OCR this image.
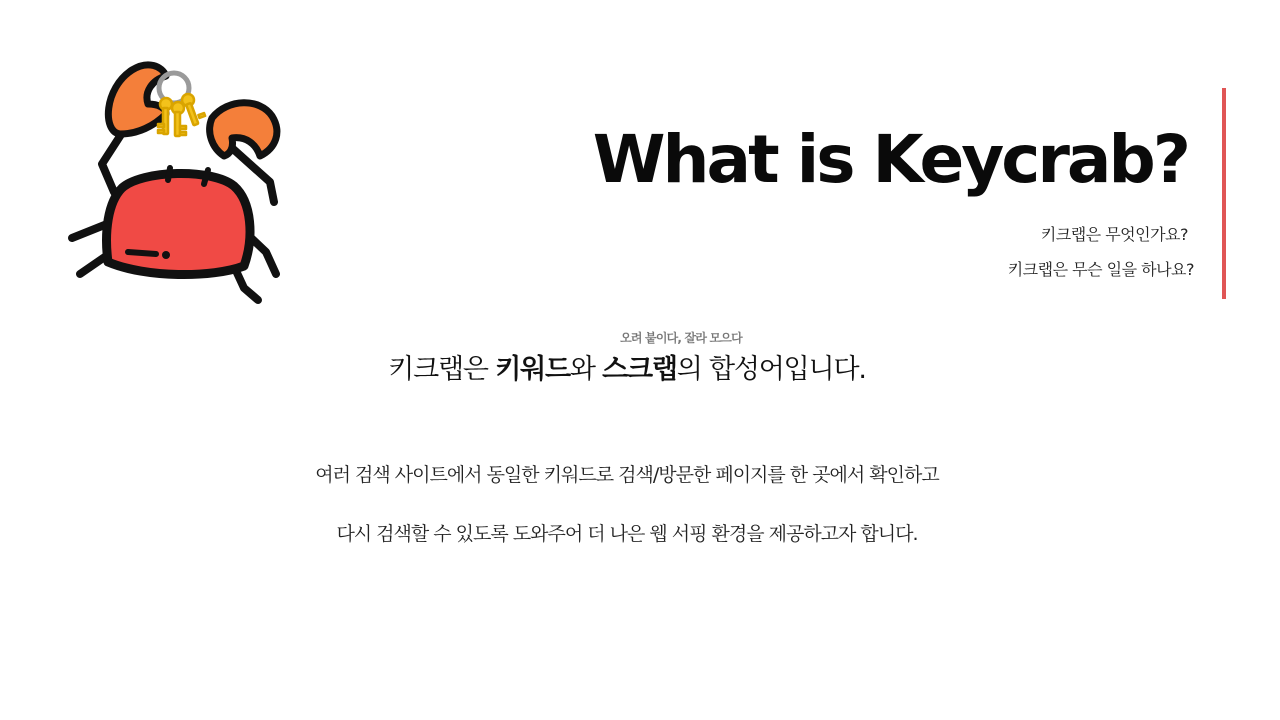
What is Keycrab?
키크랩은 무엇인가요?
키크랩은 무슨 일을 하나요?
오려 붙이다, 잘라 모으다
키크랩은 키워드와 스크랩의 합성어입니다.
여러 검색 사이트에서 동일한 키워드로 검색/방문한 페이지를 한 곳에서 확인하고
다시 검색할 수 있도록 도와주어 더 나은 웹 서핑 환경을 제공하고자 합니다.
